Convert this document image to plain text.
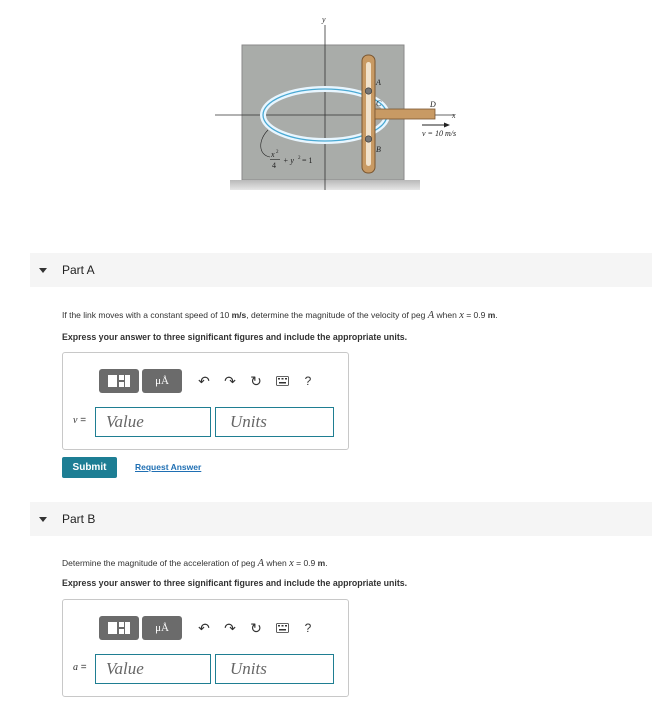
y
A
C
B
D
x
v = 10 m/s
x 2
4
+ y 2 = 1
Part A
If the link moves with a constant speed of 10 m/s, determine the magnitude of the velocity of peg A when x = 0.9 m.
Express your answer to three significant figures and include the appropriate units.
μÅ ↶ ↷ ↻	?
v = Value	Units
Submit	Request Answer
Part B
Determine the magnitude of the acceleration of peg A when x = 0.9 m.
Express your answer to three significant figures and include the appropriate units.
μÅ ↶ ↷ ↻	?
a = Value	Units
